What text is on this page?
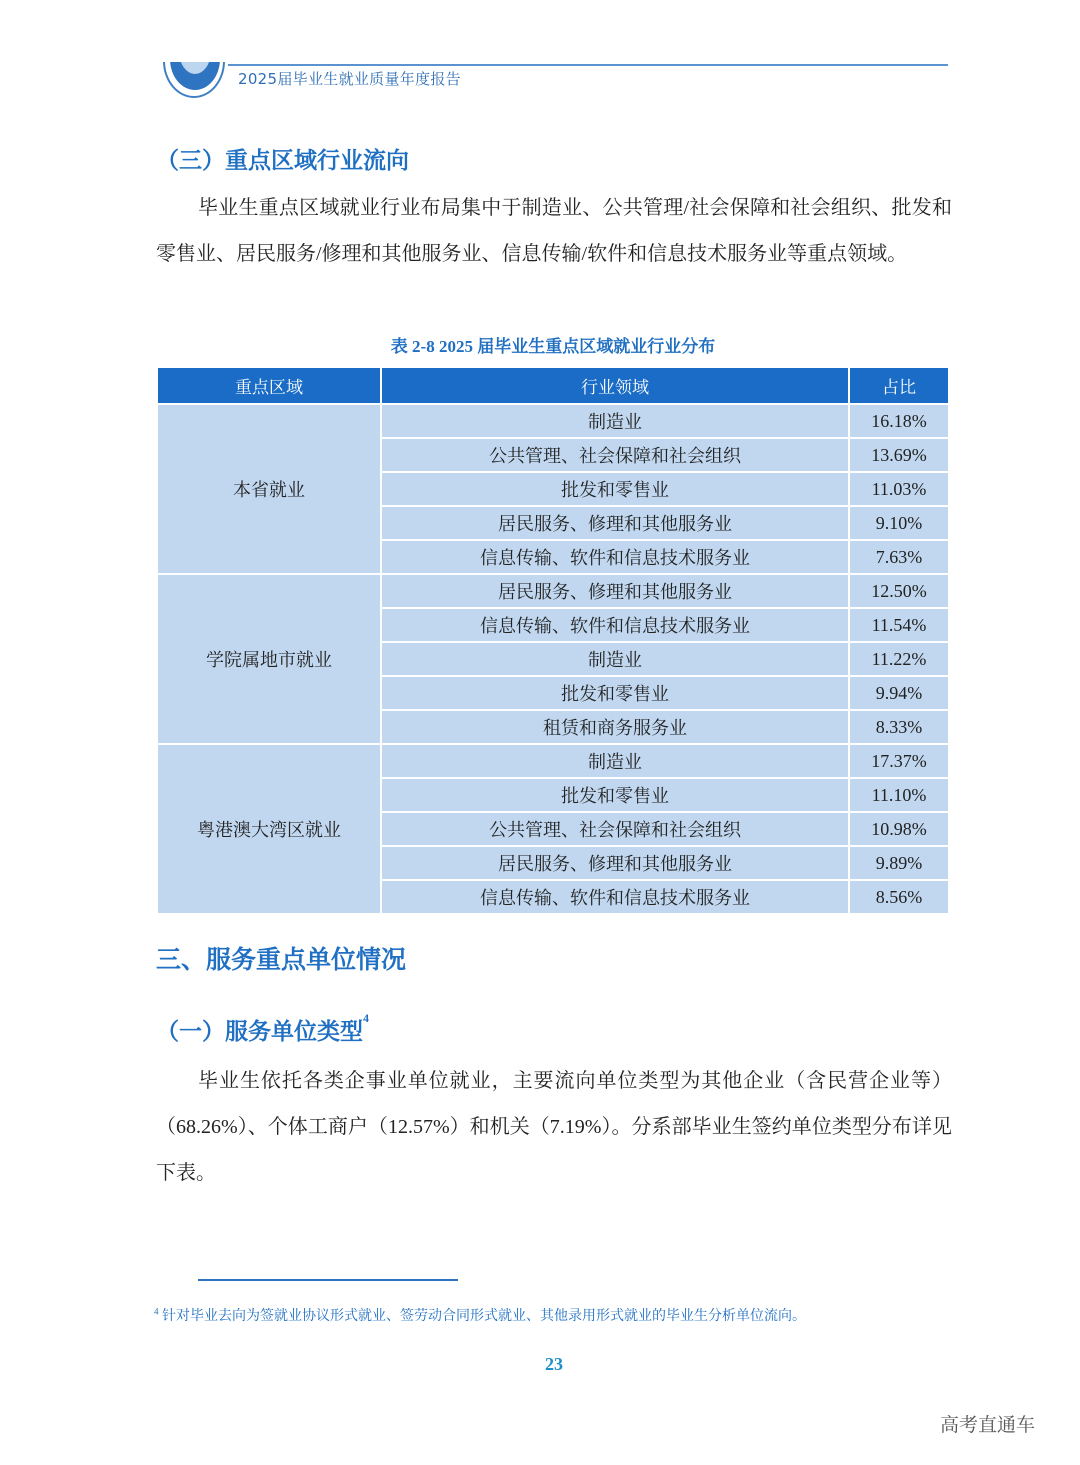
2025届毕业生就业质量年度报告
（三）重点区域行业流向
毕业生重点区域就业行业布局集中于制造业、公共管理/社会保障和社会组织、批发和零售业、居民服务/修理和其他服务业、信息传输/软件和信息技术服务业等重点领域。
表 2-8 2025 届毕业生重点区域就业行业分布
重点区域	行业领域	占比
本省就业	制造业	16.18%
	公共管理、社会保障和社会组织	13.69%
	批发和零售业	11.03%
	居民服务、修理和其他服务业	9.10%
	信息传输、软件和信息技术服务业	7.63%
学院属地市就业	居民服务、修理和其他服务业	12.50%
	信息传输、软件和信息技术服务业	11.54%
	制造业	11.22%
	批发和零售业	9.94%
	租赁和商务服务业	8.33%
粤港澳大湾区就业	制造业	17.37%
	批发和零售业	11.10%
	公共管理、社会保障和社会组织	10.98%
	居民服务、修理和其他服务业	9.89%
	信息传输、软件和信息技术服务业	8.56%
三、服务重点单位情况
（一）服务单位类型$^4$
毕业生依托各类企事业单位就业，主要流向单位类型为其他企业（含民营企业等）（68.26%）、个体工商户（12.57%）和机关（7.19%）。分系部毕业生签约单位类型分布详见下表。
$^4$ 针对毕业去向为签就业协议形式就业、签劳动合同形式就业、其他录用形式就业的毕业生分析单位流向。
23
高考直通车
